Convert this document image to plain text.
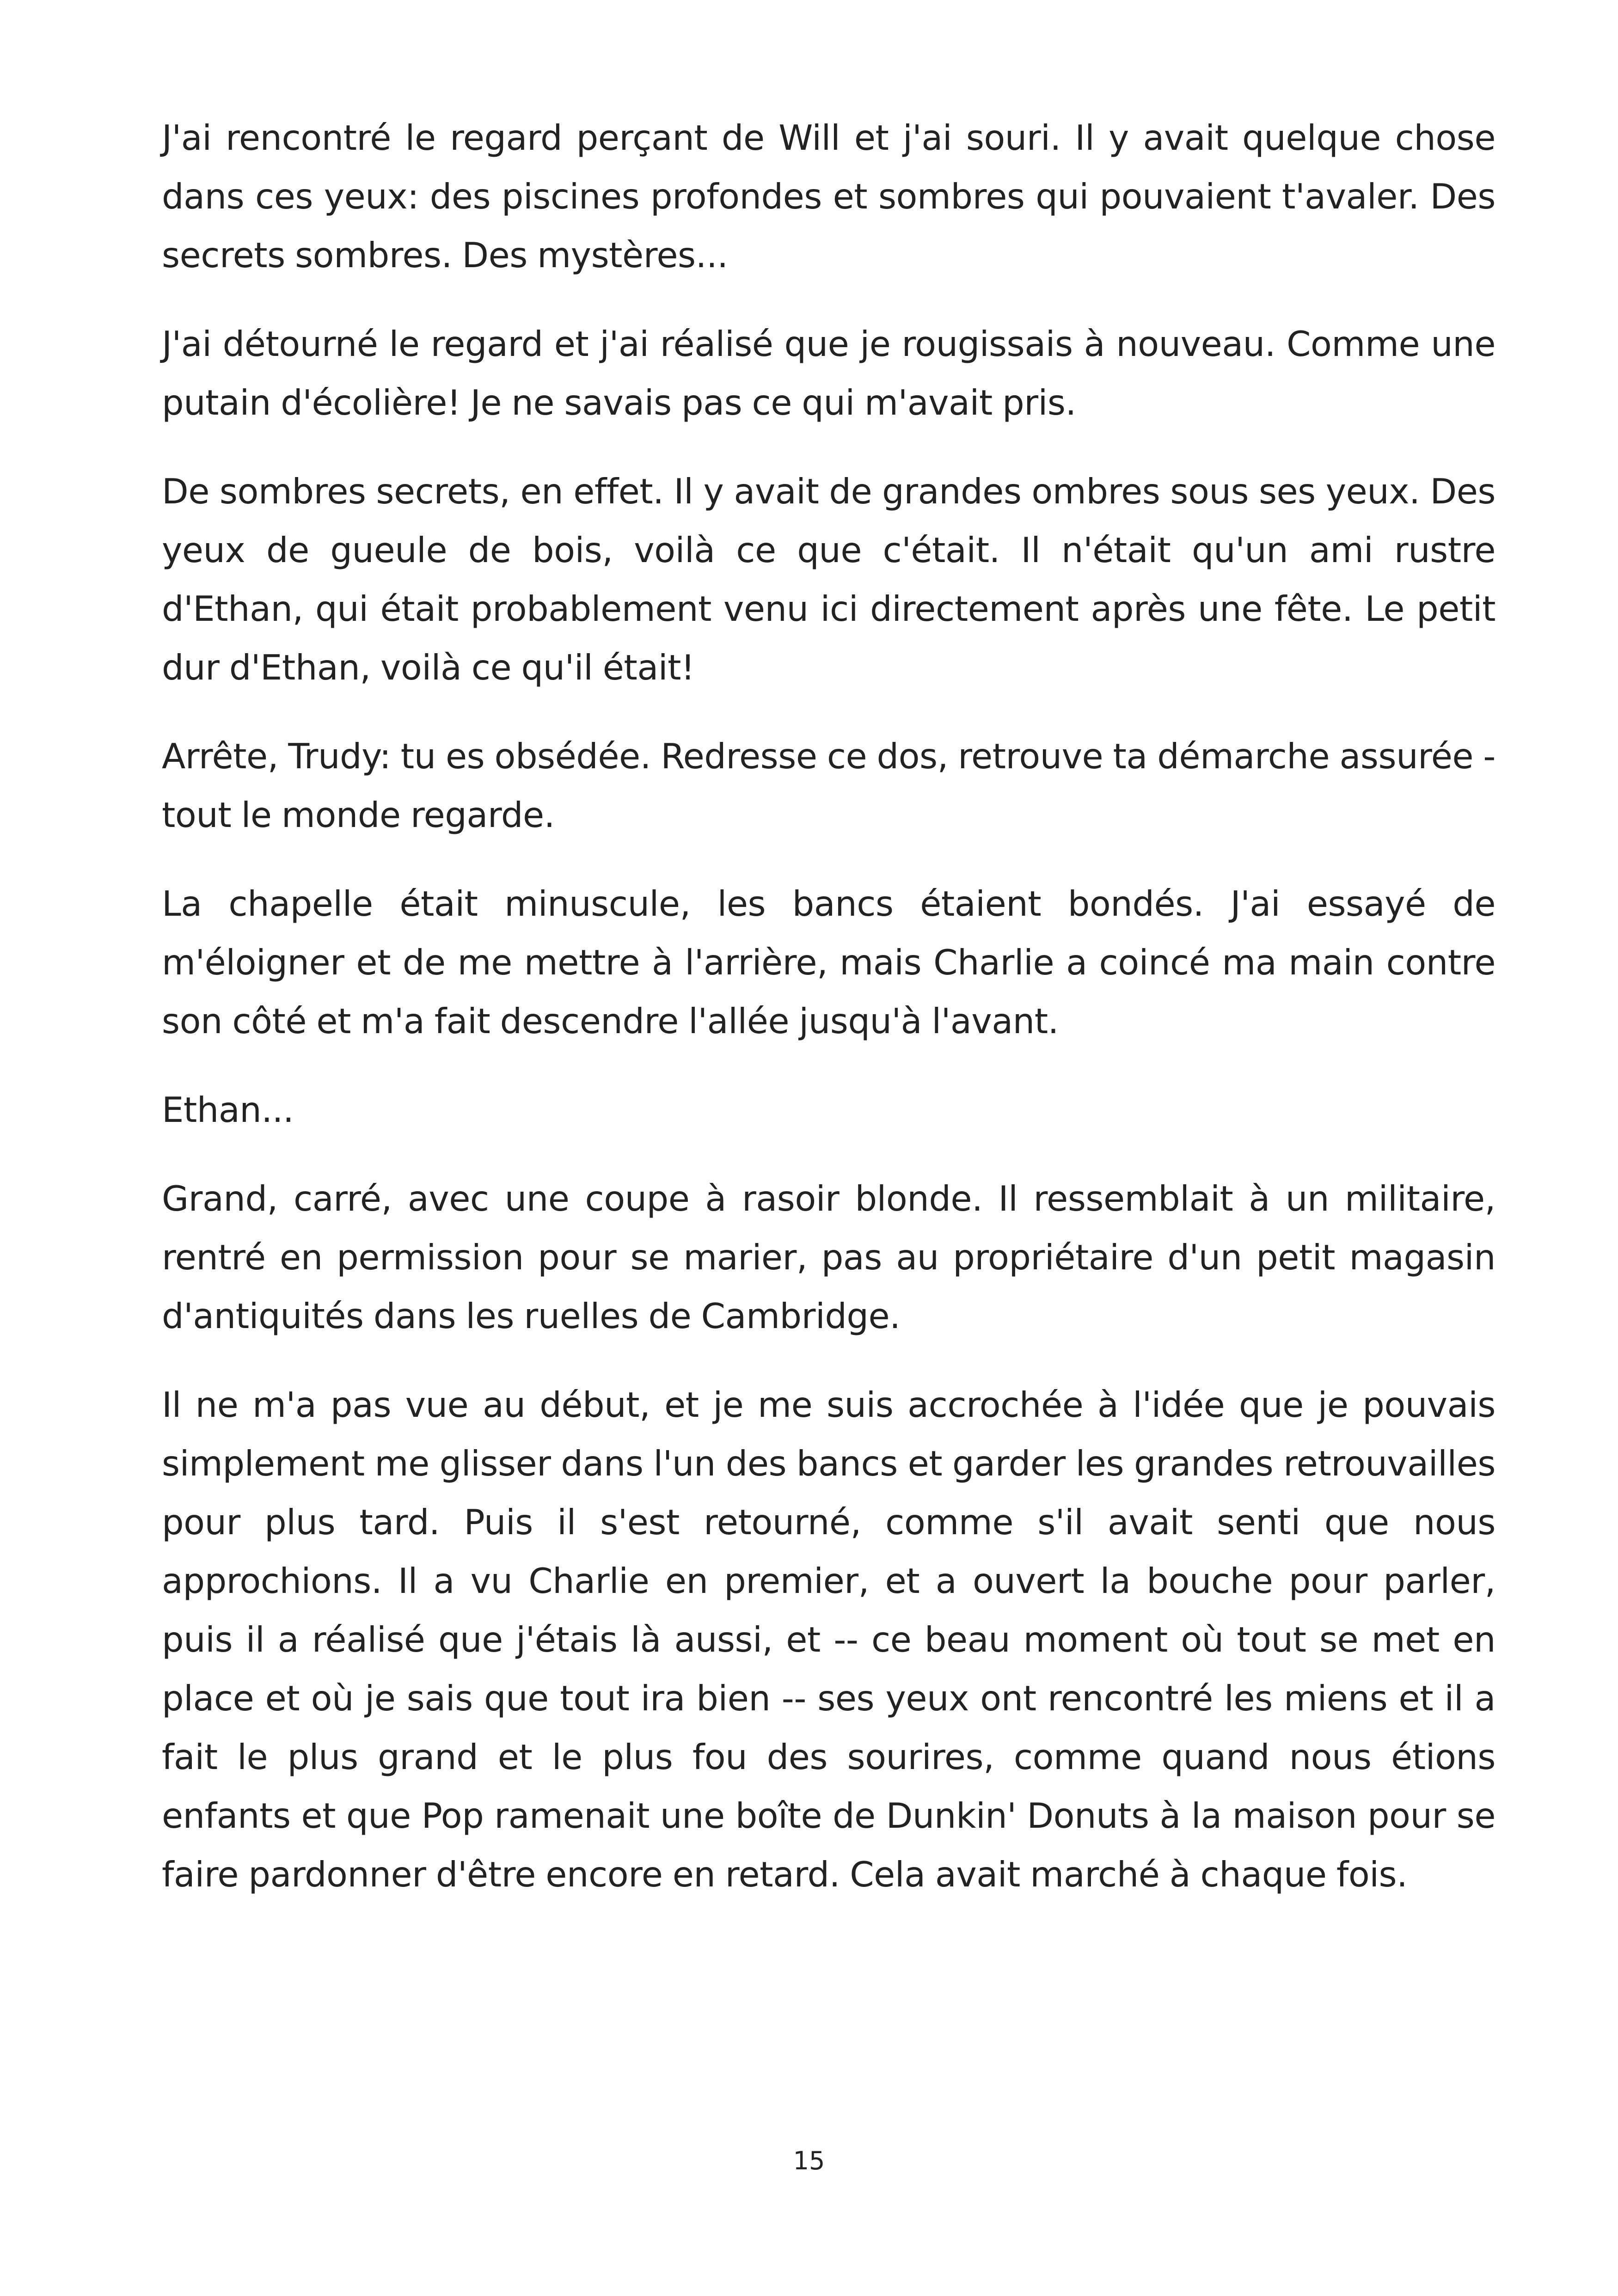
J'ai rencontré le regard perçant de Will et j'ai souri. Il y avait quelque chose dans ces yeux: des piscines profondes et sombres qui pouvaient t'avaler. Des secrets sombres. Des mystères...

J'ai détourné le regard et j'ai réalisé que je rougissais à nouveau. Comme une putain d'écolière! Je ne savais pas ce qui m'avait pris.

De sombres secrets, en effet. Il y avait de grandes ombres sous ses yeux. Des yeux de gueule de bois, voilà ce que c'était. Il n'était qu'un ami rustre d'Ethan, qui était probablement venu ici directement après une fête. Le petit dur d'Ethan, voilà ce qu'il était!

Arrête, Trudy: tu es obsédée. Redresse ce dos, retrouve ta démarche assurée - tout le monde regarde.

La chapelle était minuscule, les bancs étaient bondés. J'ai essayé de m'éloigner et de me mettre à l'arrière, mais Charlie a coincé ma main contre son côté et m'a fait descendre l'allée jusqu'à l'avant.

Ethan...

Grand, carré, avec une coupe à rasoir blonde. Il ressemblait à un militaire, rentré en permission pour se marier, pas au propriétaire d'un petit magasin d'antiquités dans les ruelles de Cambridge.

Il ne m'a pas vue au début, et je me suis accrochée à l'idée que je pouvais simplement me glisser dans l'un des bancs et garder les grandes retrouvailles pour plus tard. Puis il s'est retourné, comme s'il avait senti que nous approchions. Il a vu Charlie en premier, et a ouvert la bouche pour parler, puis il a réalisé que j'étais là aussi, et -- ce beau moment où tout se met en place et où je sais que tout ira bien -- ses yeux ont rencontré les miens et il a fait le plus grand et le plus fou des sourires, comme quand nous étions enfants et que Pop ramenait une boîte de Dunkin' Donuts à la maison pour se faire pardonner d'être encore en retard. Cela avait marché à chaque fois.

15
